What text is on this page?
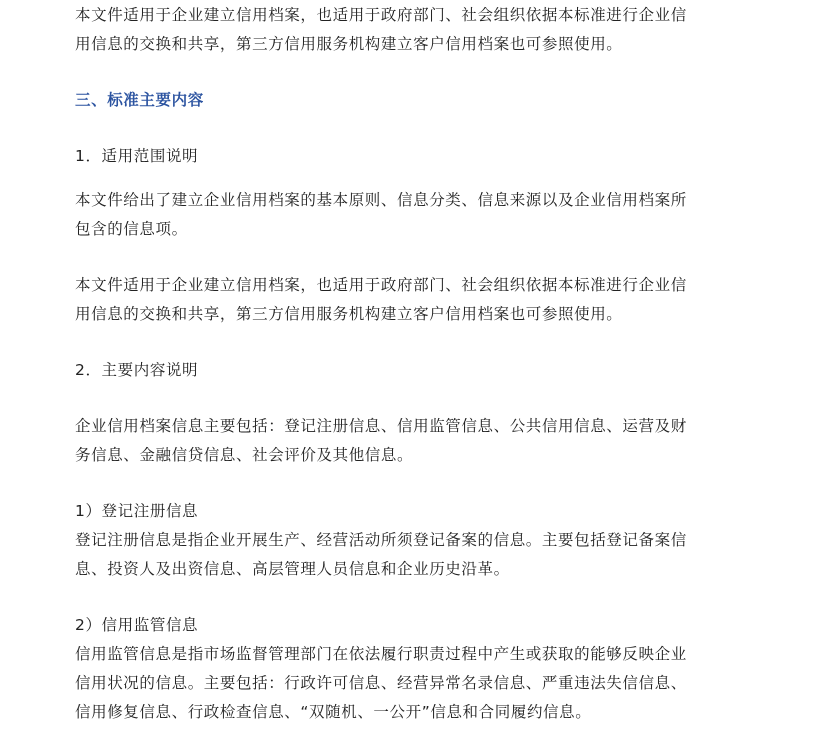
本文件适用于企业建立信用档案，也适用于政府部门、社会组织依据本标准进行企业信
用信息的交换和共享，第三方信用服务机构建立客户信用档案也可参照使用。
三、标准主要内容
1．适用范围说明
本文件给出了建立企业信用档案的基本原则、信息分类、信息来源以及企业信用档案所
包含的信息项。
本文件适用于企业建立信用档案，也适用于政府部门、社会组织依据本标准进行企业信
用信息的交换和共享，第三方信用服务机构建立客户信用档案也可参照使用。
2．主要内容说明
企业信用档案信息主要包括：登记注册信息、信用监管信息、公共信用信息、运营及财
务信息、金融信贷信息、社会评价及其他信息。
1）登记注册信息
登记注册信息是指企业开展生产、经营活动所须登记备案的信息。主要包括登记备案信
息、投资人及出资信息、高层管理人员信息和企业历史沿革。
2）信用监管信息
信用监管信息是指市场监督管理部门在依法履行职责过程中产生或获取的能够反映企业
信用状况的信息。主要包括：行政许可信息、经营异常名录信息、严重违法失信信息、
信用修复信息、行政检查信息、“双随机、一公开”信息和合同履约信息。
